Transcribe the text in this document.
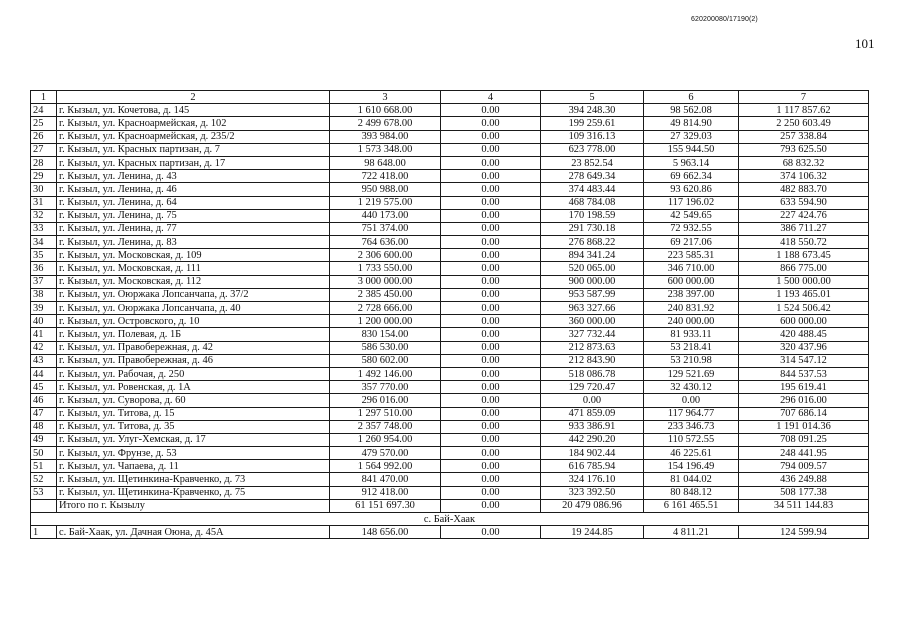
620200080/17190(2)
101
1	2	3	4	5	6	7
24	г. Кызыл, ул. Кочетова, д. 145	1 610 668.00	0.00	394 248.30	98 562.08	1 117 857.62
25	г. Кызыл, ул. Красноармейская, д. 102	2 499 678.00	0.00	199 259.61	49 814.90	2 250 603.49
26	г. Кызыл, ул. Красноармейская, д. 235/2	393 984.00	0.00	109 316.13	27 329.03	257 338.84
27	г. Кызыл, ул. Красных партизан, д. 7	1 573 348.00	0.00	623 778.00	155 944.50	793 625.50
28	г. Кызыл, ул. Красных партизан, д. 17	98 648.00	0.00	23 852.54	5 963.14	68 832.32
29	г. Кызыл, ул. Ленина, д. 43	722 418.00	0.00	278 649.34	69 662.34	374 106.32
30	г. Кызыл, ул. Ленина, д. 46	950 988.00	0.00	374 483.44	93 620.86	482 883.70
31	г. Кызыл, ул. Ленина, д. 64	1 219 575.00	0.00	468 784.08	117 196.02	633 594.90
32	г. Кызыл, ул. Ленина, д. 75	440 173.00	0.00	170 198.59	42 549.65	227 424.76
33	г. Кызыл, ул. Ленина, д. 77	751 374.00	0.00	291 730.18	72 932.55	386 711.27
34	г. Кызыл, ул. Ленина, д. 83	764 636.00	0.00	276 868.22	69 217.06	418 550.72
35	г. Кызыл, ул. Московская, д. 109	2 306 600.00	0.00	894 341.24	223 585.31	1 188 673.45
36	г. Кызыл, ул. Московская, д. 111	1 733 550.00	0.00	520 065.00	346 710.00	866 775.00
37	г. Кызыл, ул. Московская, д. 112	3 000 000.00	0.00	900 000.00	600 000.00	1 500 000.00
38	г. Кызыл, ул. Оюржака Лопсанчапа, д. 37/2	2 385 450.00	0.00	953 587.99	238 397.00	1 193 465.01
39	г. Кызыл, ул. Оюржака Лопсанчапа, д. 40	2 728 666.00	0.00	963 327.66	240 831.92	1 524 506.42
40	г. Кызыл, ул. Островского, д. 10	1 200 000.00	0.00	360 000.00	240 000.00	600 000.00
41	г. Кызыл, ул. Полевая, д. 1Б	830 154.00	0.00	327 732.44	81 933.11	420 488.45
42	г. Кызыл, ул. Правобережная, д. 42	586 530.00	0.00	212 873.63	53 218.41	320 437.96
43	г. Кызыл, ул. Правобережная, д. 46	580 602.00	0.00	212 843.90	53 210.98	314 547.12
44	г. Кызыл, ул. Рабочая, д. 250	1 492 146.00	0.00	518 086.78	129 521.69	844 537.53
45	г. Кызыл, ул. Ровенская, д. 1А	357 770.00	0.00	129 720.47	32 430.12	195 619.41
46	г. Кызыл, ул. Суворова, д. 60	296 016.00	0.00	0.00	0.00	296 016.00
47	г. Кызыл, ул. Титова, д. 15	1 297 510.00	0.00	471 859.09	117 964.77	707 686.14
48	г. Кызыл, ул. Титова, д. 35	2 357 748.00	0.00	933 386.91	233 346.73	1 191 014.36
49	г. Кызыл, ул. Улуг-Хемская, д. 17	1 260 954.00	0.00	442 290.20	110 572.55	708 091.25
50	г. Кызыл, ул. Фрунзе, д. 53	479 570.00	0.00	184 902.44	46 225.61	248 441.95
51	г. Кызыл, ул. Чапаева, д. 11	1 564 992.00	0.00	616 785.94	154 196.49	794 009.57
52	г. Кызыл, ул. Щетинкина-Кравченко, д. 73	841 470.00	0.00	324 176.10	81 044.02	436 249.88
53	г. Кызыл, ул. Щетинкина-Кравченко, д. 75	912 418.00	0.00	323 392.50	80 848.12	508 177.38
	Итого по г. Кызылу	61 151 697.30	0.00	20 479 086.96	6 161 465.51	34 511 144.83
с. Бай-Хаак						
1	с. Бай-Хаак, ул. Дачная Оюна, д. 45А	148 656.00	0.00	19 244.85	4 811.21	124 599.94
